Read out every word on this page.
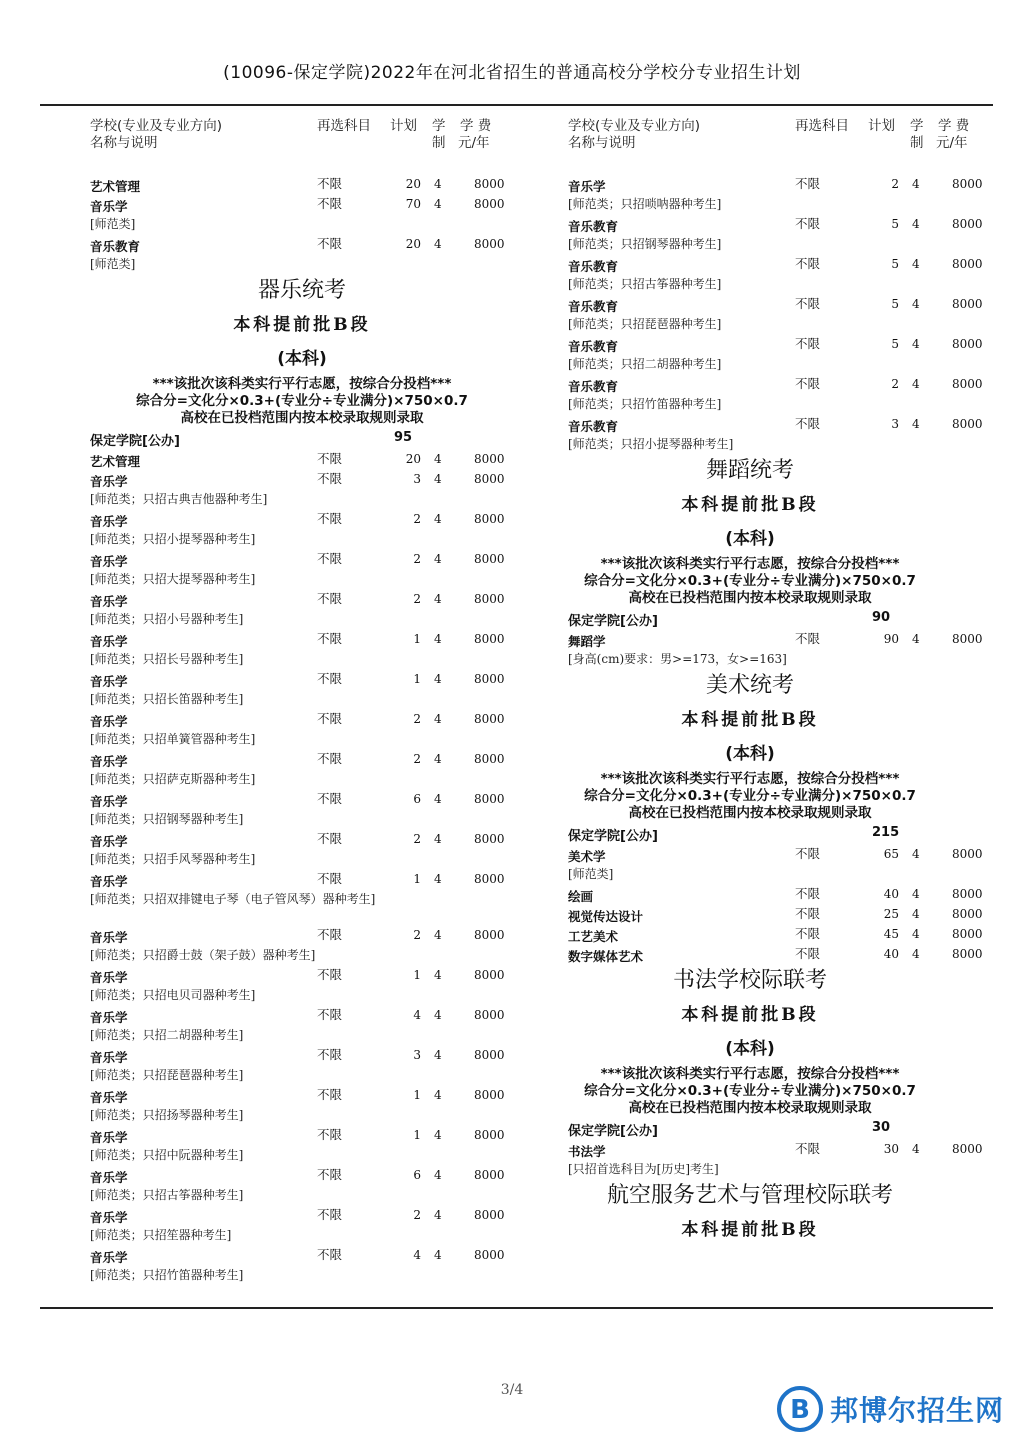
(10096-保定学院)2022年在河北省招生的普通高校分学校分专业招生计划
学校(专业及专业方向)
名称与说明
再选科目 计划 学
制
学 费
元/年
艺术管理	不限	20 4	8000
音乐学	不限	70 4	8000
[师范类]
音乐教育	不限	20 4	8000
[师范类]
器乐统考
本科提前批B段
(本科)
***该批次该科类实行平行志愿，按综合分投档***
综合分=文化分×0.3+(专业分÷专业满分)×750×0.7
高校在已投档范围内按本校录取规则录取
保定学院[公办]	95
艺术管理	不限	20 4	8000
音乐学	不限	3 4	8000
[师范类；只招古典吉他器种考生]
音乐学	不限	2 4	8000
[师范类；只招小提琴器种考生]
音乐学	不限	2 4	8000
[师范类；只招大提琴器种考生]
音乐学	不限	2 4	8000
[师范类；只招小号器种考生]
音乐学	不限	1 4	8000
[师范类；只招长号器种考生]
音乐学	不限	1 4	8000
[师范类；只招长笛器种考生]
音乐学	不限	2 4	8000
[师范类；只招单簧管器种考生]
音乐学	不限	2 4	8000
[师范类；只招萨克斯器种考生]
音乐学	不限	6 4	8000
[师范类；只招钢琴器种考生]
音乐学	不限	2 4	8000
[师范类；只招手风琴器种考生]
音乐学	不限	1 4	8000
[师范类；只招双排键电子琴（电子管风琴）器种考生]
音乐学	不限	2 4	8000
[师范类；只招爵士鼓（架子鼓）器种考生]
音乐学	不限	1 4	8000
[师范类；只招电贝司器种考生]
音乐学	不限	4 4	8000
[师范类；只招二胡器种考生]
音乐学	不限	3 4	8000
[师范类；只招琵琶器种考生]
音乐学	不限	1 4	8000
[师范类；只招扬琴器种考生]
音乐学	不限	1 4	8000
[师范类；只招中阮器种考生]
音乐学	不限	6 4	8000
[师范类；只招古筝器种考生]
音乐学	不限	2 4	8000
[师范类；只招笙器种考生]
音乐学	不限	4 4	8000
[师范类；只招竹笛器种考生]
学校(专业及专业方向)
名称与说明
再选科目 计划 学
制
学 费
元/年
音乐学	不限	2 4	8000
[师范类；只招唢呐器种考生]
音乐教育	不限	5 4	8000
[师范类；只招钢琴器种考生]
音乐教育	不限	5 4	8000
[师范类；只招古筝器种考生]
音乐教育	不限	5 4	8000
[师范类；只招琵琶器种考生]
音乐教育	不限	5 4	8000
[师范类；只招二胡器种考生]
音乐教育	不限	2 4	8000
[师范类；只招竹笛器种考生]
音乐教育	不限	3 4	8000
[师范类；只招小提琴器种考生]
舞蹈统考
本科提前批B段
(本科)
***该批次该科类实行平行志愿，按综合分投档***
综合分=文化分×0.3+(专业分÷专业满分)×750×0.7
高校在已投档范围内按本校录取规则录取
保定学院[公办]	90
舞蹈学	不限	90 4	8000
[身高(cm)要求：男>=173，女>=163]
美术统考
本科提前批B段
(本科)
***该批次该科类实行平行志愿，按综合分投档***
综合分=文化分×0.3+(专业分÷专业满分)×750×0.7
高校在已投档范围内按本校录取规则录取
保定学院[公办]	215
美术学	不限	65 4	8000
[师范类]
绘画	不限	40 4	8000
视觉传达设计	不限	25 4	8000
工艺美术	不限	45 4	8000
数字媒体艺术	不限	40 4	8000
书法学校际联考
本科提前批B段
(本科)
***该批次该科类实行平行志愿，按综合分投档***
综合分=文化分×0.3+(专业分÷专业满分)×750×0.7
高校在已投档范围内按本校录取规则录取
保定学院[公办]	30
书法学	不限	30 4	8000
[只招首选科目为[历史]考生]
航空服务艺术与管理校际联考
本科提前批B段
3/4
B 邦博尔招生网
